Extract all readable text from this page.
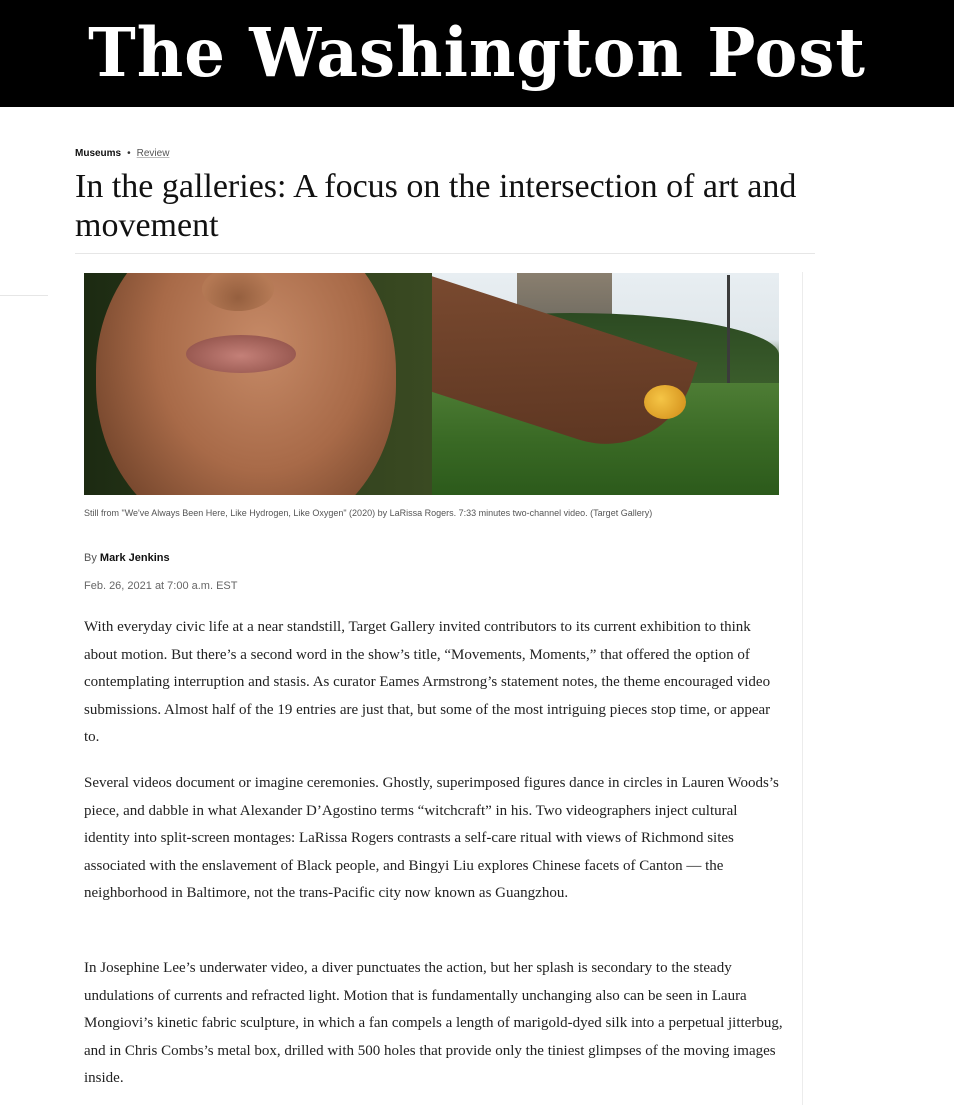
The Washington Post
Museums • Review
In the galleries: A focus on the intersection of art and movement
Still from "We've Always Been Here, Like Hydrogen, Like Oxygen" (2020) by LaRissa Rogers. 7:33 minutes two-channel video. (Target Gallery)
By Mark Jenkins
Feb. 26, 2021 at 7:00 a.m. EST

With everyday civic life at a near standstill, Target Gallery invited contributors to its current exhibition to think about motion. But there’s a second word in the show’s title, “Movements, Moments,” that offered the option of contemplating interruption and stasis. As curator Eames Armstrong’s statement notes, the theme encouraged video submissions. Almost half of the 19 entries are just that, but some of the most intriguing pieces stop time, or appear to.

Several videos document or imagine ceremonies. Ghostly, superimposed figures dance in circles in Lauren Woods’s piece, and dabble in what Alexander D’Agostino terms “witchcraft” in his. Two videographers inject cultural identity into split-screen montages: LaRissa Rogers contrasts a self-care ritual with views of Richmond sites associated with the enslavement of Black people, and Bingyi Liu explores Chinese facets of Canton — the neighborhood in Baltimore, not the trans-Pacific city now known as Guangzhou.

In Josephine Lee’s underwater video, a diver punctuates the action, but her splash is secondary to the steady undulations of currents and refracted light. Motion that is fundamentally unchanging also can be seen in Laura Mongiovi’s kinetic fabric sculpture, in which a fan compels a length of marigold-dyed silk into a perpetual jitterbug, and in Chris Combs’s metal box, drilled with 500 holes that provide only the tiniest glimpses of the moving images inside.
